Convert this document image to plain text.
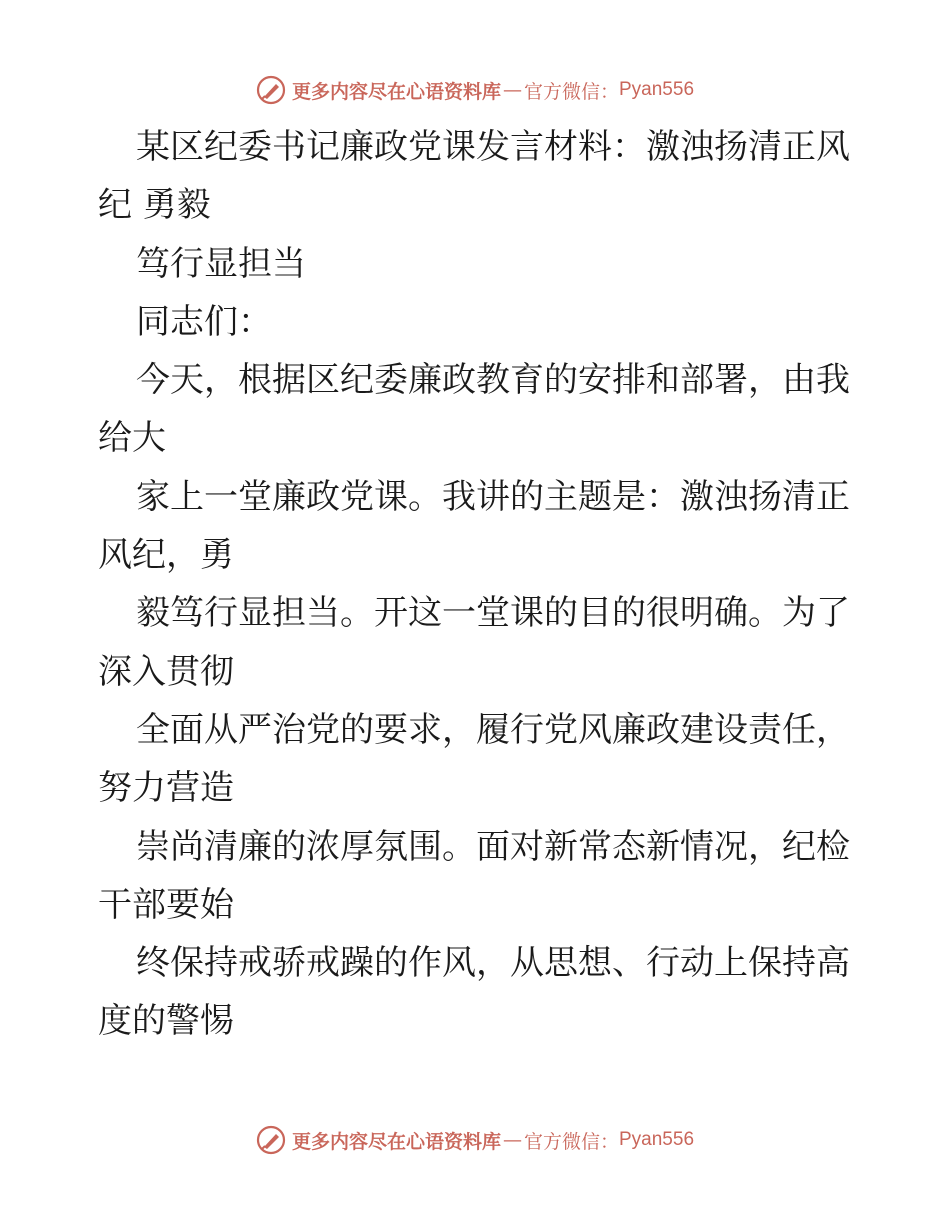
更多内容尽在心语资料库 — 官方微信： Pyan556
某区纪委书记廉政党课发言材料：激浊扬清正风
纪 勇毅
笃行显担当
同志们：
今天，根据区纪委廉政教育的安排和部署，由我
给大
家上一堂廉政党课。我讲的主题是：激浊扬清正
风纪，勇
毅笃行显担当。开这一堂课的目的很明确。为了
深入贯彻
全面从严治党的要求，履行党风廉政建设责任，
努力营造
崇尚清廉的浓厚氛围。面对新常态新情况，纪检
干部要始
终保持戒骄戒躁的作风，从思想、行动上保持高
度的警惕
更多内容尽在心语资料库 — 官方微信： Pyan556
